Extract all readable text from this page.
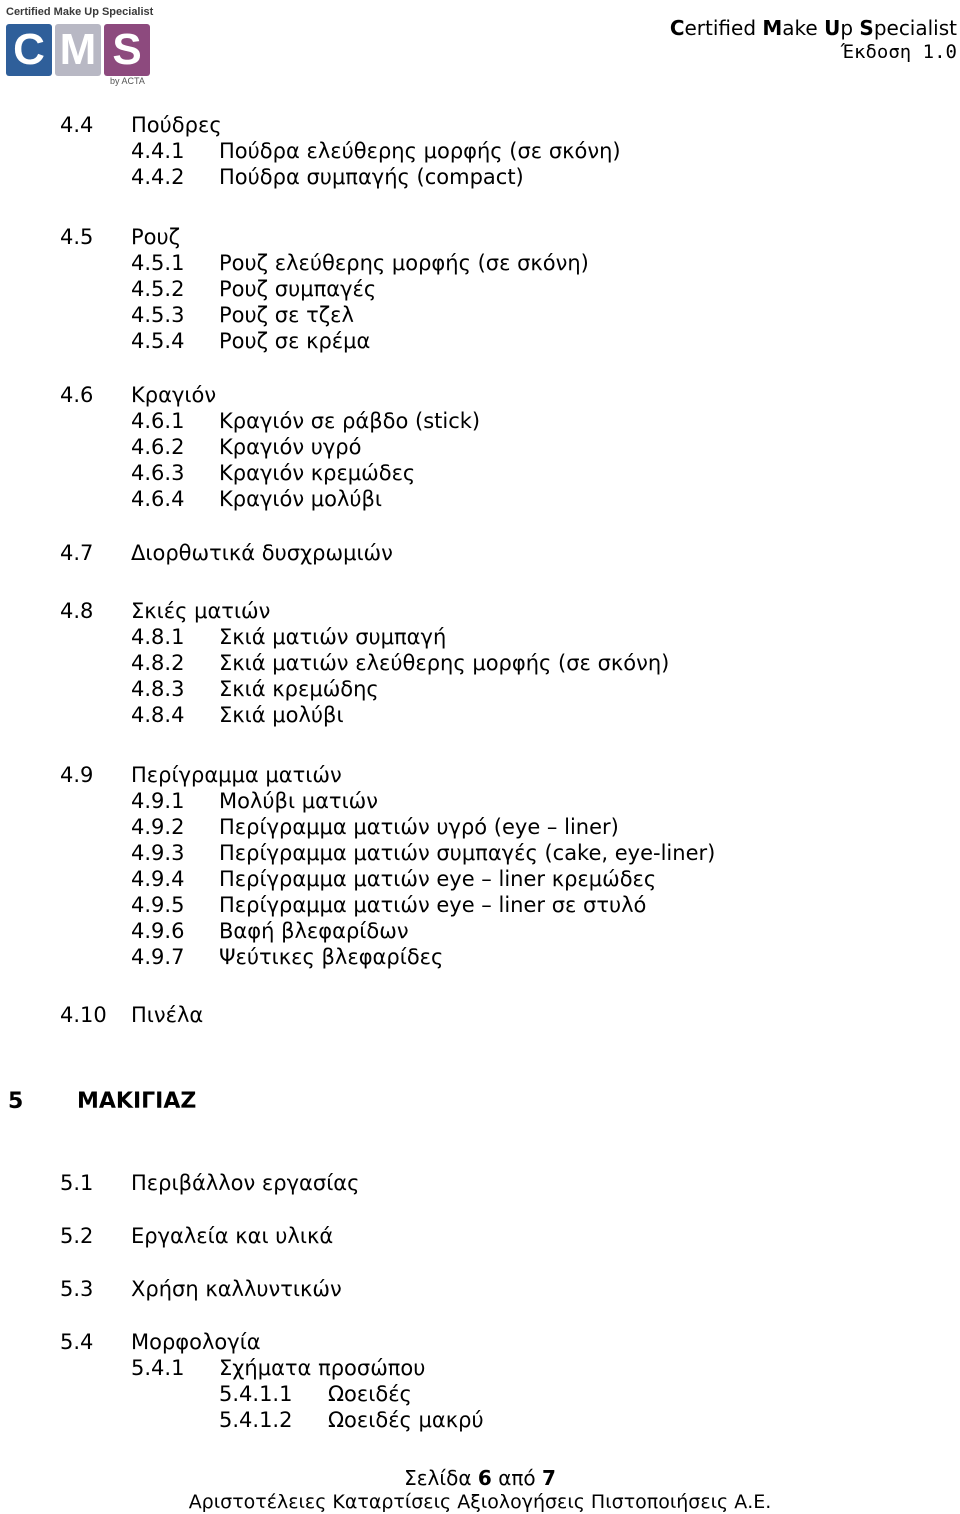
Certified Make Up Specialist
C M S
by ACTA
Certified Make Up Specialist
Έκδοση 1.0
4.4 Πούδρες
4.4.1 Πούδρα ελεύθερης μορφής (σε σκόνη)
4.4.2 Πούδρα συμπαγής (compact)
4.5 Ρουζ
4.5.1 Ρουζ ελεύθερης μορφής (σε σκόνη)
4.5.2 Ρουζ συμπαγές
4.5.3 Ρουζ σε τζελ
4.5.4 Ρουζ σε κρέμα
4.6 Κραγιόν
4.6.1 Κραγιόν σε ράβδο (stick)
4.6.2 Κραγιόν υγρό
4.6.3 Κραγιόν κρεμώδες
4.6.4 Κραγιόν μολύβι
4.7 Διορθωτικά δυσχρωμιών
4.8 Σκιές ματιών
4.8.1 Σκιά ματιών συμπαγή
4.8.2 Σκιά ματιών ελεύθερης μορφής (σε σκόνη)
4.8.3 Σκιά κρεμώδης
4.8.4 Σκιά μολύβι
4.9 Περίγραμμα ματιών
4.9.1 Μολύβι ματιών
4.9.2 Περίγραμμα ματιών υγρό (eye – liner)
4.9.3 Περίγραμμα ματιών συμπαγές (cake, eye-liner)
4.9.4 Περίγραμμα ματιών eye – liner κρεμώδες
4.9.5 Περίγραμμα ματιών eye – liner σε στυλό
4.9.6 Βαφή βλεφαρίδων
4.9.7 Ψεύτικες βλεφαρίδες
4.10 Πινέλα
5 ΜΑΚΙΓΙΑΖ
5.1 Περιβάλλον εργασίας
5.2 Εργαλεία και υλικά
5.3 Χρήση καλλυντικών
5.4 Μορφολογία
5.4.1 Σχήματα προσώπου
5.4.1.1 Ωοειδές
5.4.1.2 Ωοειδές μακρύ
Σελίδα 6 από 7
Αριστοτέλειες Καταρτίσεις Αξιολογήσεις Πιστοποιήσεις Α.Ε.
